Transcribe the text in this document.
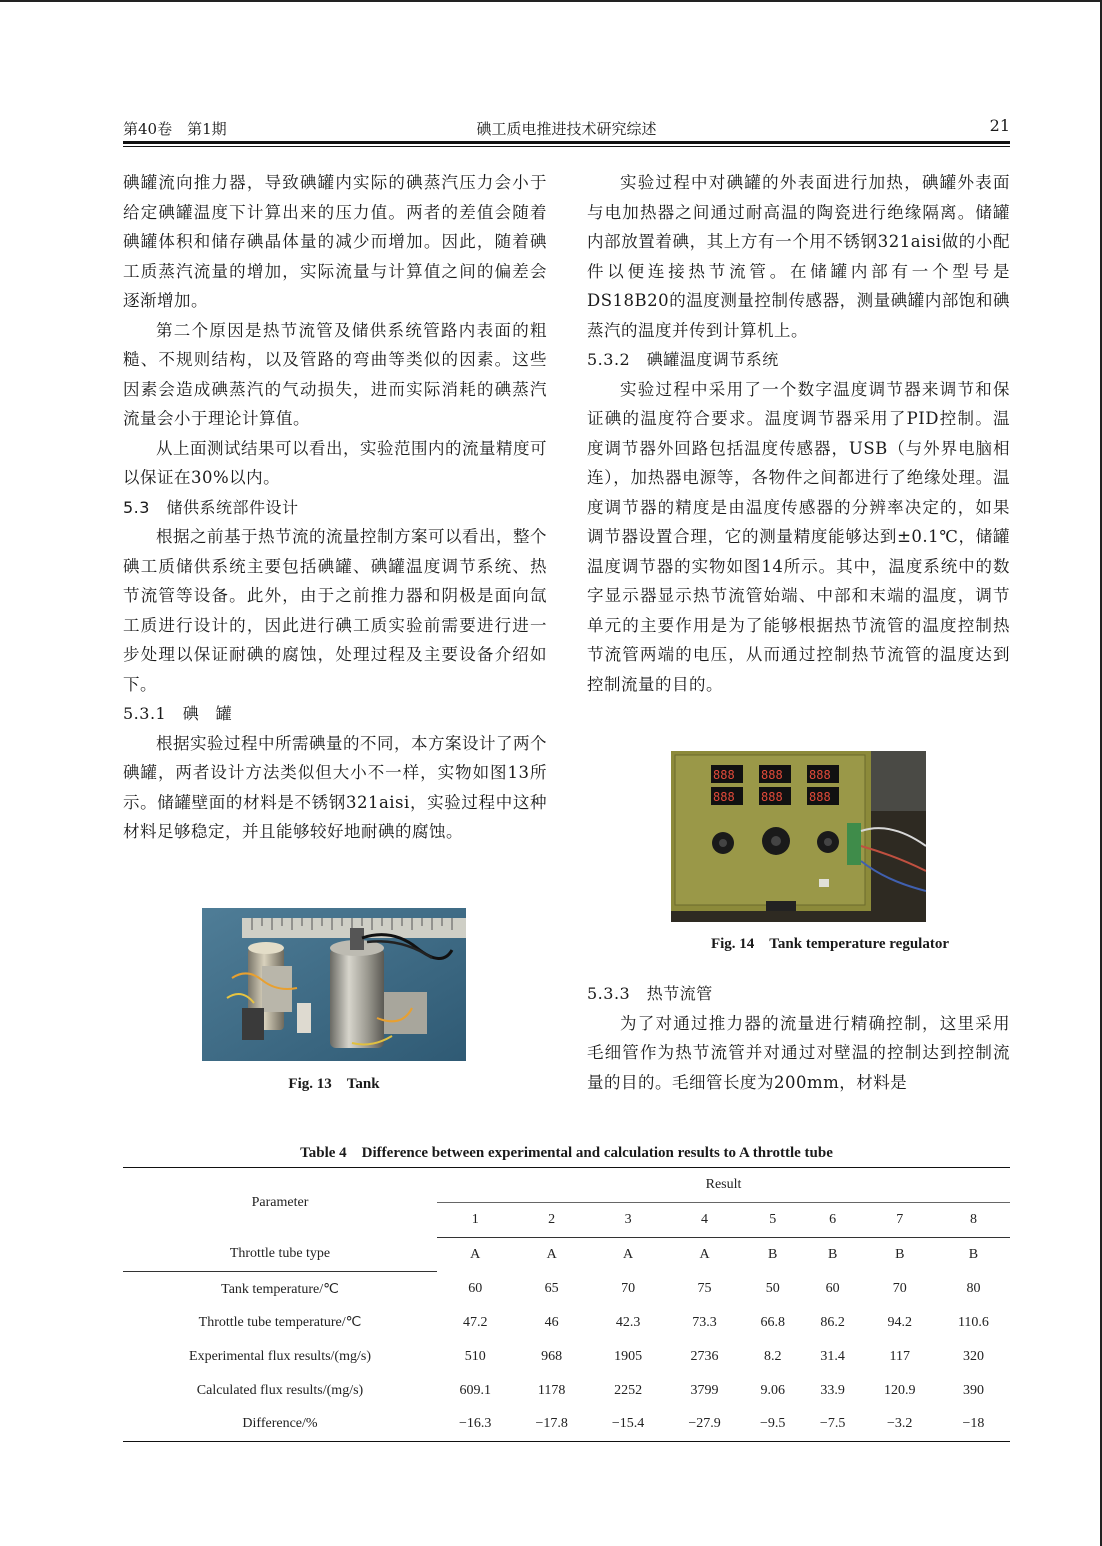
第40卷　第1期	碘工质电推进技术研究综述	21

碘罐流向推力器，导致碘罐内实际的碘蒸汽压力会小于给定碘罐温度下计算出来的压力值。两者的差值会随着碘罐体积和储存碘晶体量的减少而增加。因此，随着碘工质蒸汽流量的增加，实际流量与计算值之间的偏差会逐渐增加。

第二个原因是热节流管及储供系统管路内表面的粗糙、不规则结构，以及管路的弯曲等类似的因素。这些因素会造成碘蒸汽的气动损失，进而实际消耗的碘蒸汽流量会小于理论计算值。

从上面测试结果可以看出，实验范围内的流量精度可以保证在30%以内。

5.3　储供系统部件设计

根据之前基于热节流的流量控制方案可以看出，整个碘工质储供系统主要包括碘罐、碘罐温度调节系统、热节流管等设备。此外，由于之前推力器和阴极是面向氙工质进行设计的，因此进行碘工质实验前需要进行进一步处理以保证耐碘的腐蚀，处理过程及主要设备介绍如下。

5.3.1　碘　罐

根据实验过程中所需碘量的不同，本方案设计了两个碘罐，两者设计方法类似但大小不一样，实物如图13所示。储罐壁面的材料是不锈钢321aisi，实验过程中这种材料足够稳定，并且能够较好地耐碘的腐蚀。

Fig. 13　Tank

实验过程中对碘罐的外表面进行加热，碘罐外表面与电加热器之间通过耐高温的陶瓷进行绝缘隔离。储罐内部放置着碘，其上方有一个用不锈钢321aisi做的小配件以便连接热节流管。在储罐内部有一个型号是DS18B20的温度测量控制传感器，测量碘罐内部饱和碘蒸汽的温度并传到计算机上。

5.3.2　碘罐温度调节系统

实验过程中采用了一个数字温度调节器来调节和保证碘的温度符合要求。温度调节器采用了PID控制。温度调节器外回路包括温度传感器，USB（与外界电脑相连），加热器电源等，各物件之间都进行了绝缘处理。温度调节器的精度是由温度传感器的分辨率决定的，如果调节器设置合理，它的测量精度能够达到±0.1℃，储罐温度调节器的实物如图14所示。其中，温度系统中的数字显示器显示热节流管始端、中部和末端的温度，调节单元的主要作用是为了能够根据热节流管的温度控制热节流管两端的电压，从而通过控制热节流管的温度达到控制流量的目的。

888 888 888
888 888 888
Fig. 14　Tank temperature regulator

5.3.3　热节流管

为了对通过推力器的流量进行精确控制，这里采用毛细管作为热节流管并对通过对壁温的控制达到控制流量的目的。毛细管长度为200mm，材料是

Table 4　Difference between experimental and calculation results to A throttle tube
Parameter	Result							
	1	2	3	4	5	6	7	8
Throttle tube type	A	A	A	A	B	B	B	B
Tank temperature/℃	60	65	70	75	50	60	70	80
Throttle tube temperature/℃	47.2	46	42.3	73.3	66.8	86.2	94.2	110.6
Experimental flux results/(mg/s)	510	968	1905	2736	8.2	31.4	117	320
Calculated flux results/(mg/s)	609.1	1178	2252	3799	9.06	33.9	120.9	390
Difference/%	−16.3	−17.8	−15.4	−27.9	−9.5	−7.5	−3.2	−18
